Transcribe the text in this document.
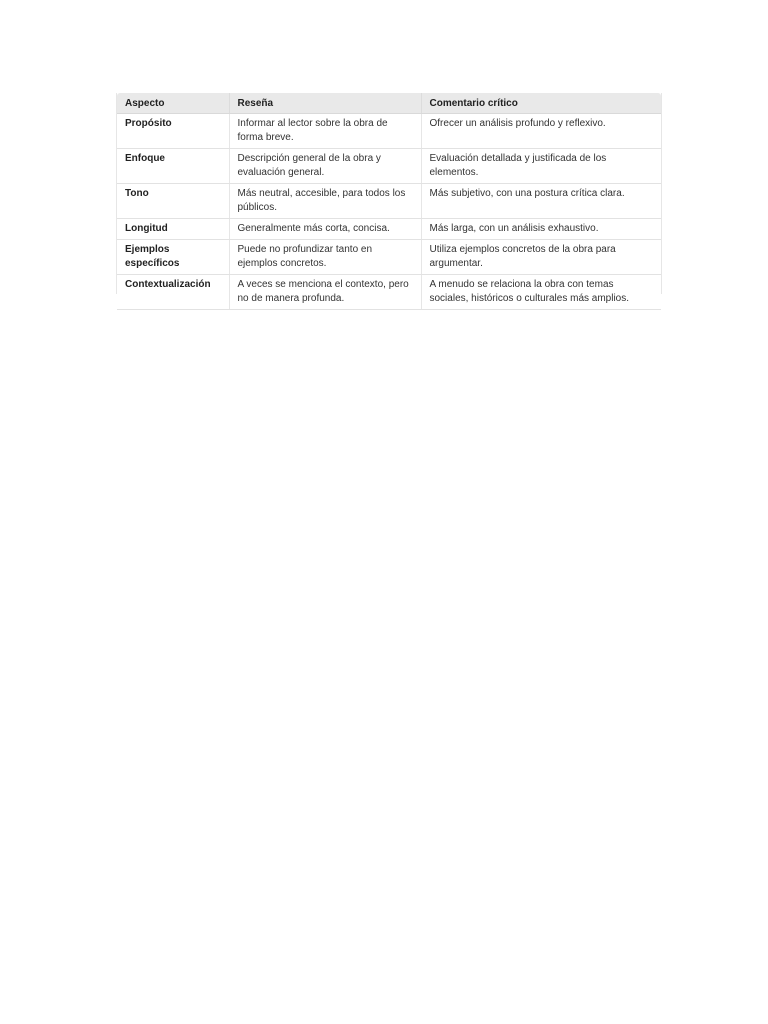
Aspecto	Reseña	Comentario crítico
Propósito	Informar al lector sobre la obra de forma breve.	Ofrecer un análisis profundo y reflexivo.
Enfoque	Descripción general de la obra y evaluación general.	Evaluación detallada y justificada de los elementos.
Tono	Más neutral, accesible, para todos los públicos.	Más subjetivo, con una postura crítica clara.
Longitud	Generalmente más corta, concisa.	Más larga, con un análisis exhaustivo.
Ejemplos específicos	Puede no profundizar tanto en ejemplos concretos.	Utiliza ejemplos concretos de la obra para argumentar.
Contextualización	A veces se menciona el contexto, pero no de manera profunda.	A menudo se relaciona la obra con temas sociales, históricos o culturales más amplios.
